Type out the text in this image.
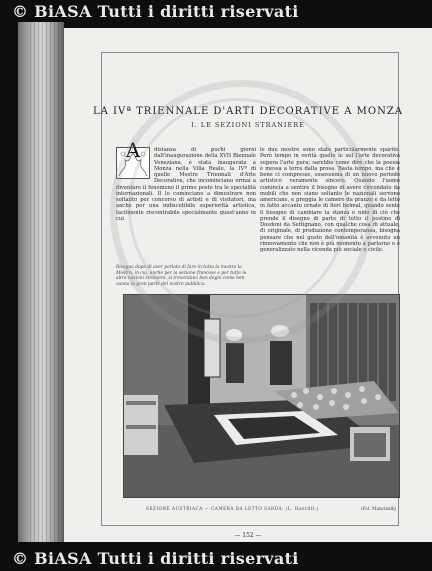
© BiASA Tutti i diritti riservati
LA IVª TRIENNALE D'ARTI DECORATIVE A MONZA
I. LE SEZIONI STRANIERE
A	distanza di pochi giorni dall'inaugurazione della XVII Biennale Veneziana, è stata inaugurata a Monza nella Villa Reale, la IVª di quelle Mostre Triennali d'Arte Decorativa, che incominciano ormai a diventare il fenomeno il primo posto tra le specialità internazionali. Il lo cominciano a dimostrare non soltanto per concorso di artisti e di visitatori, ma anche per una indiscutibile superiorità artistica, facilmente riscontrabile specialmente quest'anno in cui
le due mostre sono state particolarmente sparite. Però tempo in verità quello le sul l'arte decorativa supera l'arte pura; sarebbe come dire che la poesia è messa a terra dalla prosa. Basta tempo, ma che è bene ci compresse, ossessiona di un nuovo periodo artistico veramente sincero. Quando l'uomo comincia a sentire il bisogno di avere circondato da mobili che non siano soltanto le nazionali servono americane, e preggia le camere da pranzo e da letto in fatto accanto ornate di fiori belmal, quando sente il bisogno di cambiare la stanza e nido di ciò che prende il disegno di parte di tutto il postino di Dosdoni da Settignano, con qualche cosa di attuale, di originale, di produzione contemporanea, bisogna pensare che nel gusto dell'umanità è avvenuto un rinnovamento che non è più momento a parlarne e è generalizzato nella vicenda più sociale e civile.
Bisogna dopo di aver parlato di fare in tutta la mostra la Mostra, in cui, anche per la sezione francese e per tutte le altre nazioni straniere, si troveranno ben degni come ben vanno la gran parte del nostro pubblico.
SEZIONE AUSTRIACA — CAMERA DA LETTO SARDA. (L. Haerdtl.)	(Fot. Mancinelli)
— 152 —
© BiASA Tutti i diritti riservati
